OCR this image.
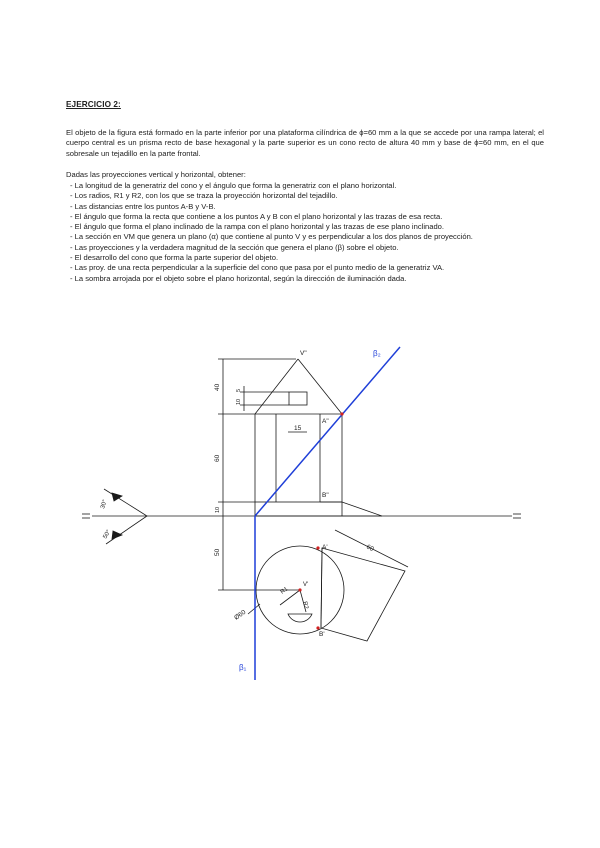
EJERCICIO 2:
El objeto de la figura está formado en la parte inferior por una plataforma cilíndrica de ϕ=60 mm a la que se accede por una rampa lateral; el cuerpo central es un prisma recto de base hexagonal y la parte superior es un cono recto de altura 40 mm y base de ϕ=60 mm, en el que sobresale un tejadillo en la parte frontal.
Dadas las proyecciones vertical y horizontal, obtener:
- La longitud de la generatriz del cono y el ángulo que forma la generatriz con el plano horizontal.
- Los radios, R1 y R2, con los que se traza la proyección horizontal del tejadillo.
- Las distancias entre los puntos A-B y V-B.
- El ángulo que forma la recta que contiene a los puntos A y B con el plano horizontal y las trazas de esa recta.
- El ángulo que forma el plano inclinado de la rampa con el plano horizontal y las trazas de ese plano inclinado.
- La sección en VM que genera un plano (α) que contiene al punto V y es perpendicular a los dos planos de proyección.
- Las proyecciones y la verdadera magnitud de la sección que genera el plano (β) sobre el objeto.
- El desarrollo del cono que forma la parte superior del objeto.
- Las proy. de una recta perpendicular a la superficie del cono que pasa por el punto medio de la generatriz VA.
- La sombra arrojada por el objeto sobre el plano horizontal, según la dirección de iluminación dada.
V"
A"
B"
A'
B'
V'
R1
R2
40
10
5
15
60
10
50	60
Ø60
30°
50°
β₂
β₁
